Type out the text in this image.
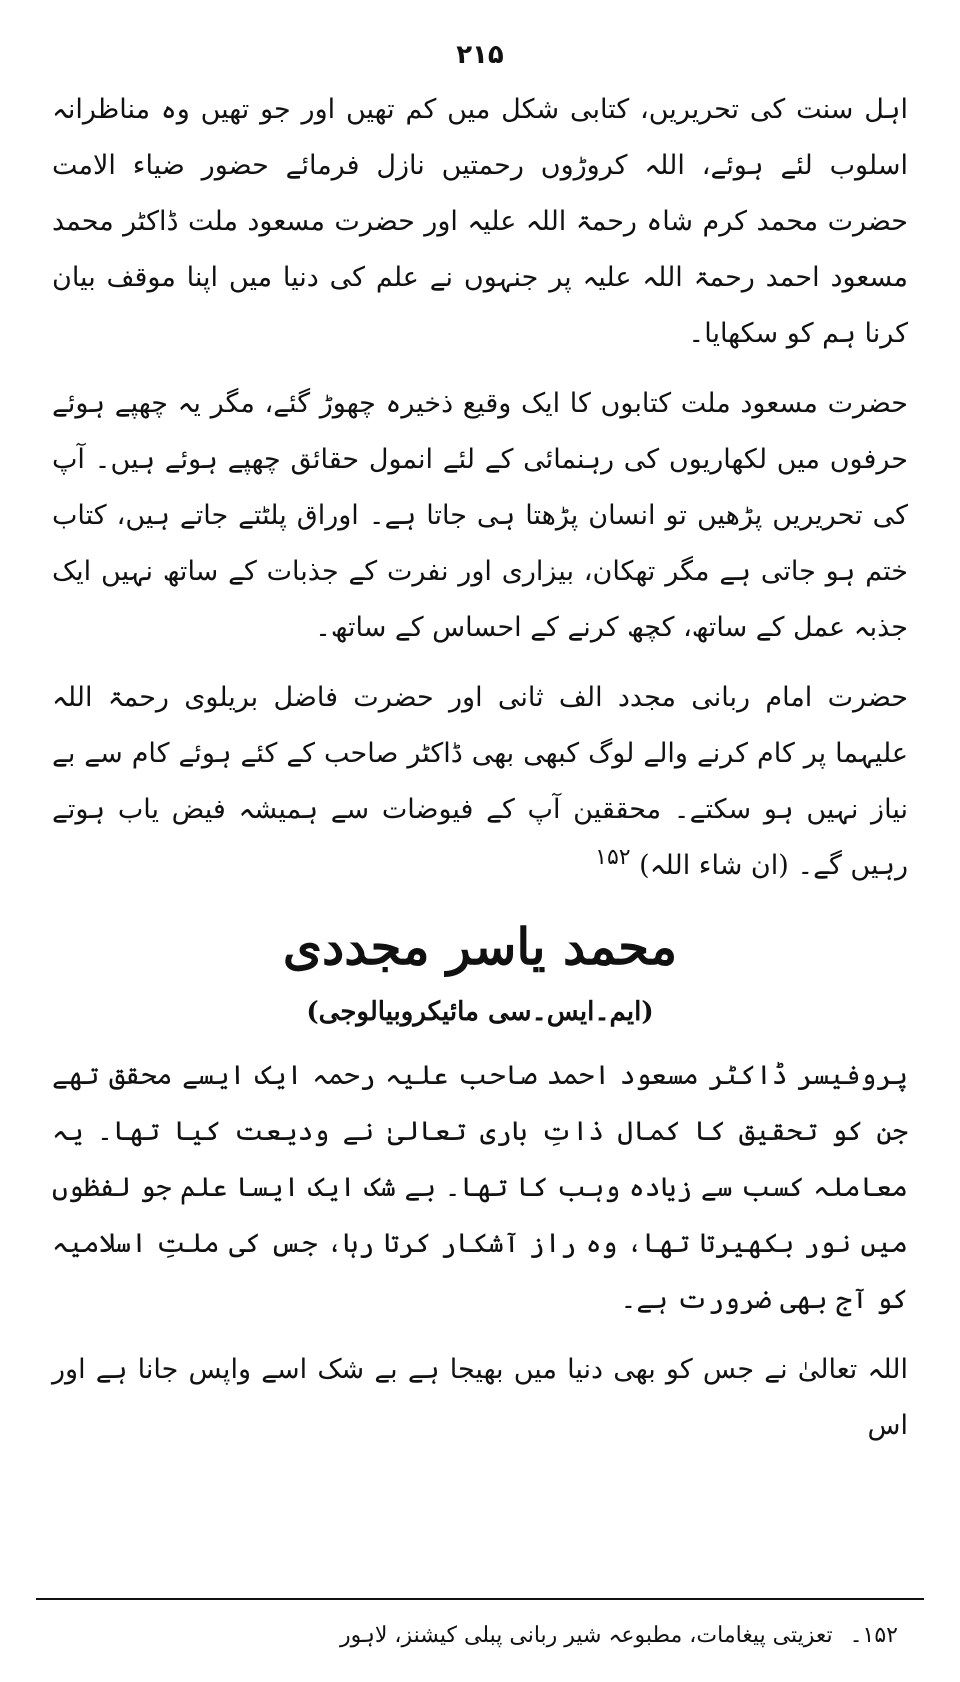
۲۱۵

اہل سنت کی تحریریں، کتابی شکل میں کم تھیں اور جو تھیں وہ مناظرانہ اسلوب لئے ہوئے، اللہ کروڑوں رحمتیں نازل فرمائے حضور ضیاء الامت حضرت محمد کرم شاہ رحمۃ اللہ علیہ اور حضرت مسعود ملت ڈاکٹر محمد مسعود احمد رحمۃ اللہ علیہ پر جنہوں نے علم کی دنیا میں اپنا موقف بیان کرنا ہم کو سکھایا۔

حضرت مسعود ملت کتابوں کا ایک وقیع ذخیرہ چھوڑ گئے، مگر یہ چھپے ہوئے حرفوں میں لکھاریوں کی رہنمائی کے لئے انمول حقائق چھپے ہوئے ہیں۔ آپ کی تحریریں پڑھیں تو انسان پڑھتا ہی جاتا ہے۔ اوراق پلٹتے جاتے ہیں، کتاب ختم ہو جاتی ہے مگر تھکان، بیزاری اور نفرت کے جذبات کے ساتھ نہیں ایک جذبہ عمل کے ساتھ، کچھ کرنے کے احساس کے ساتھ۔

حضرت امام ربانی مجدد الف ثانی اور حضرت فاضل بریلوی رحمۃ اللہ علیہما پر کام کرنے والے لوگ کبھی بھی ڈاکٹر صاحب کے کئے ہوئے کام سے بے نیاز نہیں ہو سکتے۔ محققین آپ کے فیوضات سے ہمیشہ فیض یاب ہوتے رہیں گے۔ (ان شاء اللہ) $^{۱۵۲}$

محمد یاسر مجددی
(ایم۔ایس۔سی مائیکروبیالوجی)

پروفیسر ڈاکٹر مسعود احمد صاحب علیہ رحمہ ایک ایسے محقق تھے جن کو تحقیق کا کمال ذاتِ باری تعالیٰ نے ودیعت کیا تھا۔ یہ معاملہ کسب سے زیادہ وہب کا تھا۔ بے شک ایک ایسا علم جو لفظوں میں نور بکھیرتا تھا، وہ راز آشکار کرتا رہا، جس کی ملتِ اسلامیہ کو آج بھی ضرورت ہے۔

اللہ تعالیٰ نے جس کو بھی دنیا میں بھیجا ہے بے شک اسے واپس جانا ہے اور اس

۱۵۲۔ تعزیتی پیغامات، مطبوعہ شیر ربانی پبلی کیشنز، لاہور
